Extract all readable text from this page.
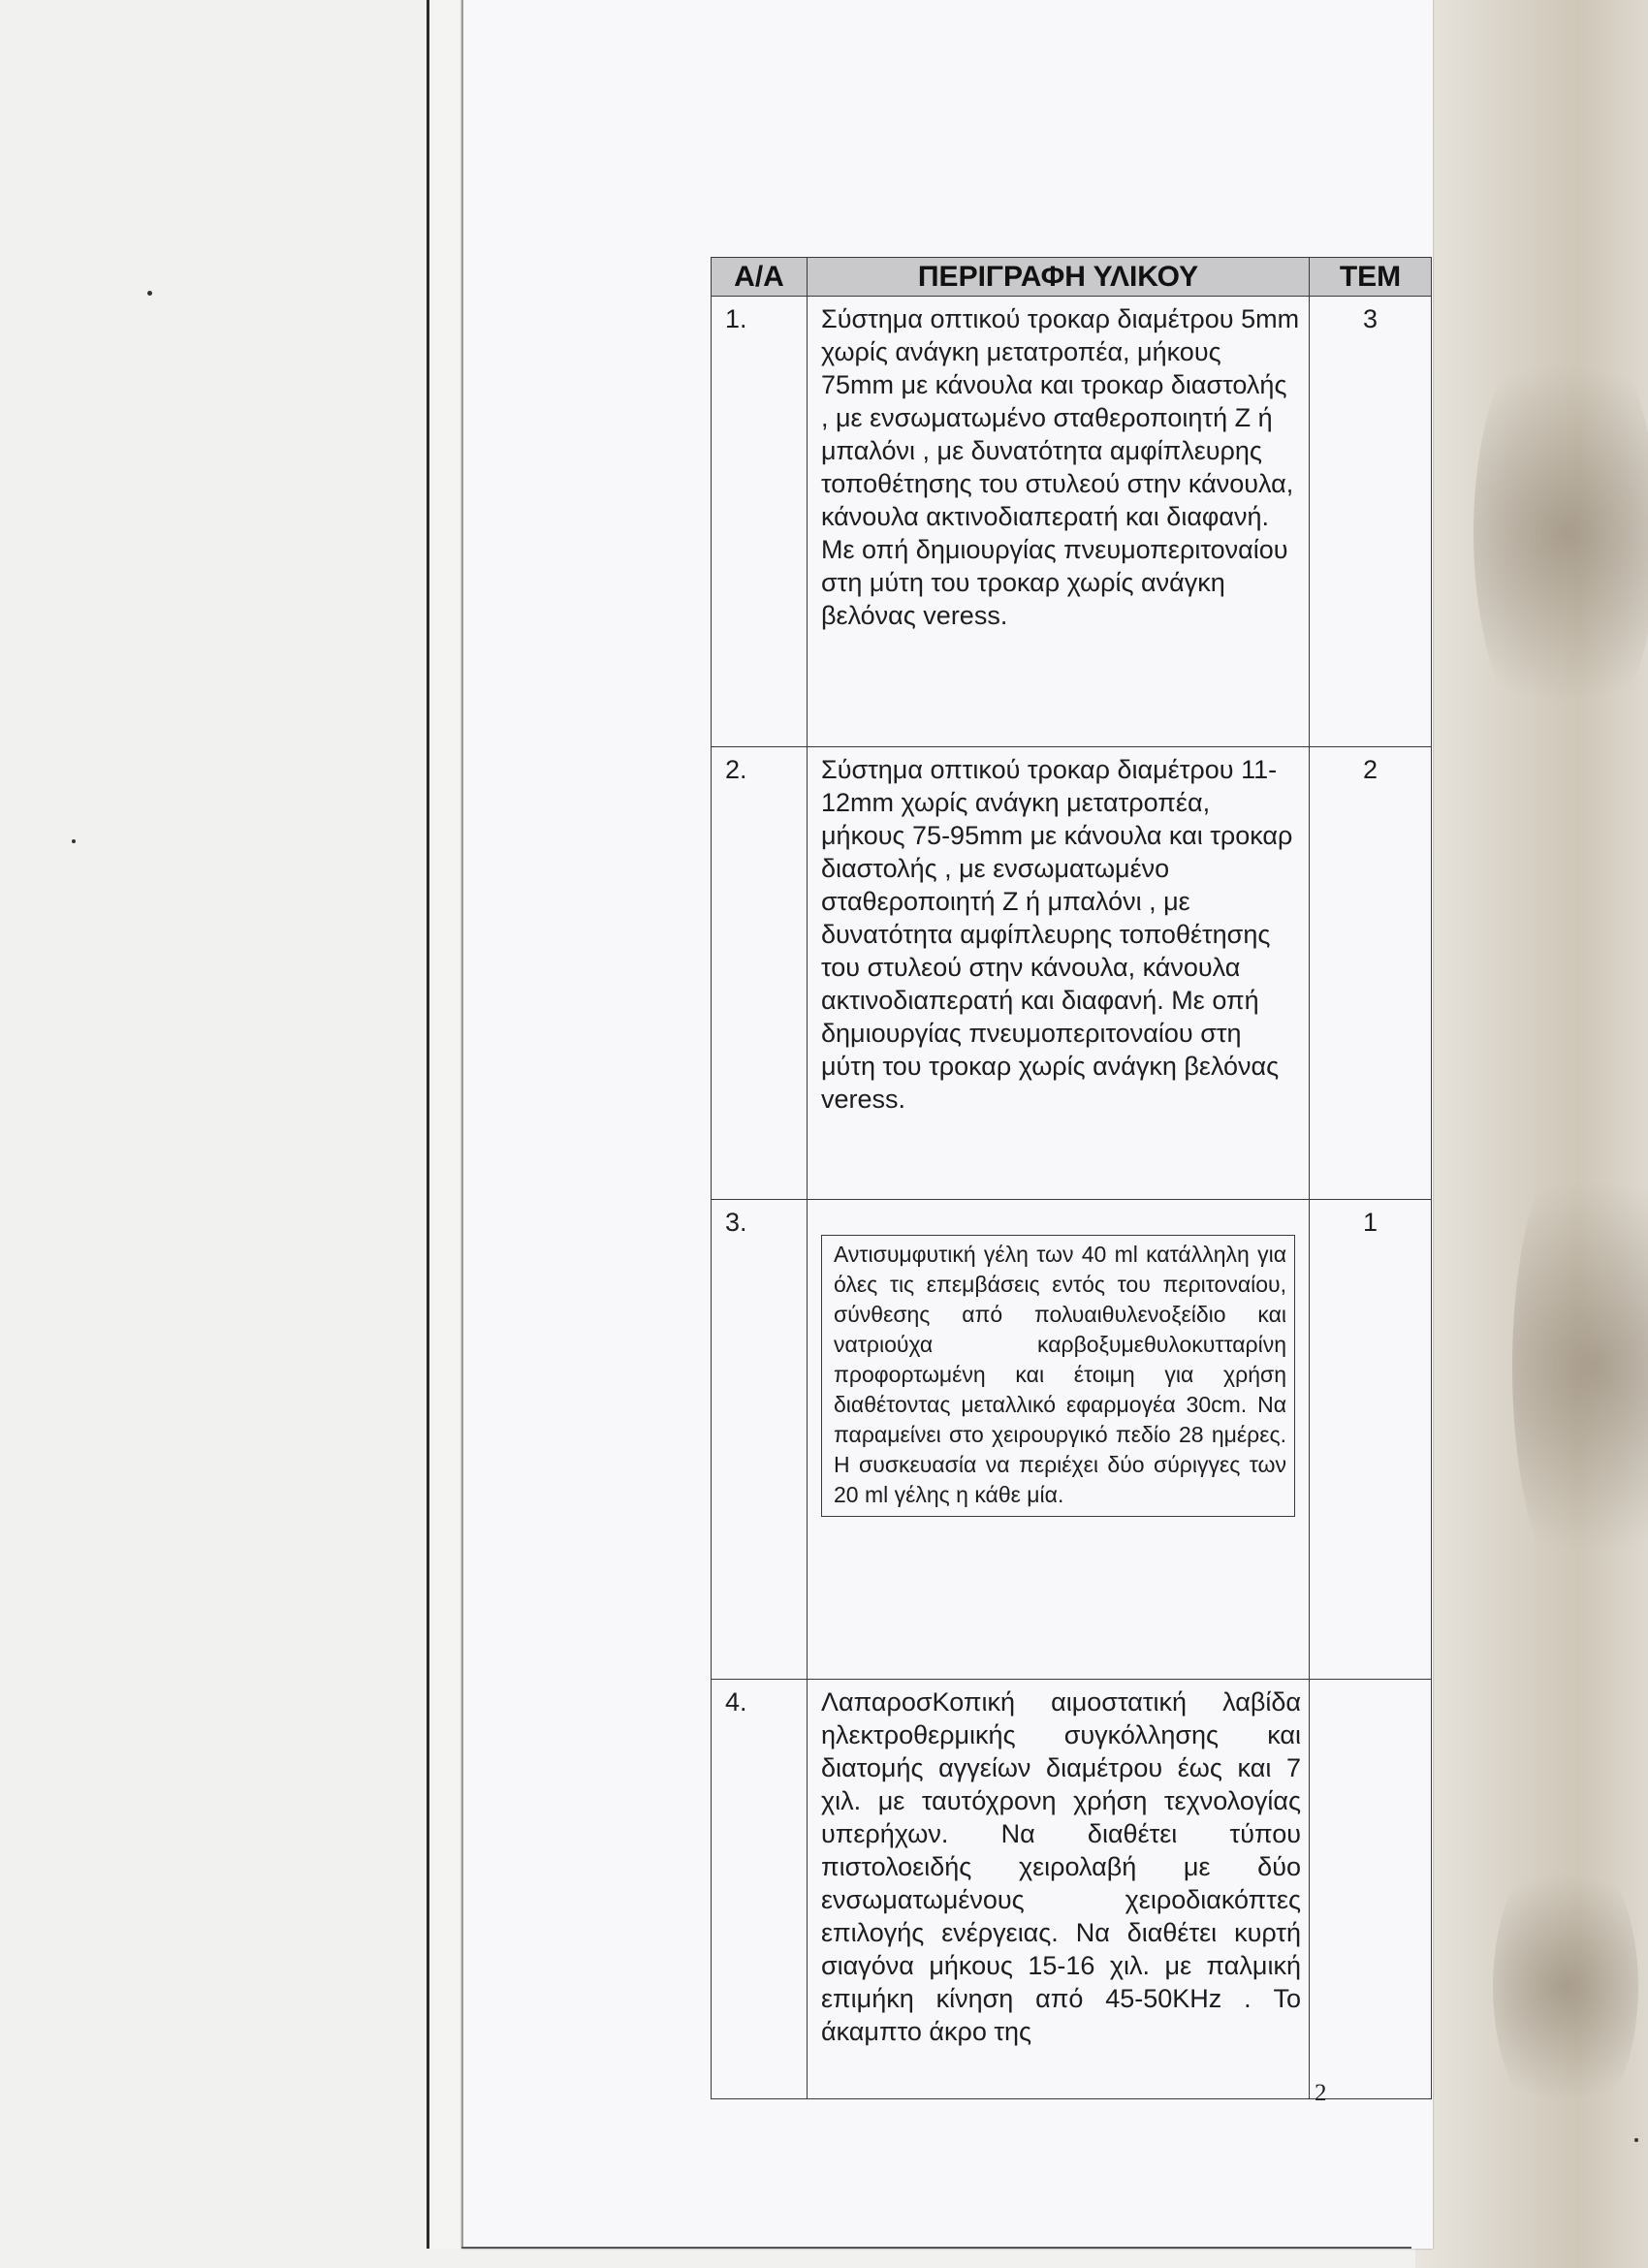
Α/Α	ΠΕΡΙΓΡΑΦΗ ΥΛΙΚΟΥ	ΤΕΜ
1.	Σύστημα οπτικού τροκαρ διαμέτρου 5mm χωρίς ανάγκη μετατροπέα, μήκους 75mm με κάνουλα και τροκαρ διαστολής , με ενσωματωμένο σταθεροποιητή Ζ ή μπαλόνι , με δυνατότητα αμφίπλευρης τοποθέτησης του στυλεού στην κάνουλα, κάνουλα ακτινοδιαπερατή και διαφανή. Με οπή δημιουργίας πνευμοπεριτοναίου στη μύτη του τροκαρ χωρίς ανάγκη βελόνας veress.	3
2.	Σύστημα οπτικού τροκαρ διαμέτρου 11-12mm χωρίς ανάγκη μετατροπέα, μήκους 75-95mm με κάνουλα και τροκαρ διαστολής , με ενσωματωμένο σταθεροποιητή Ζ ή μπαλόνι , με δυνατότητα αμφίπλευρης τοποθέτησης του στυλεού στην κάνουλα, κάνουλα ακτινοδιαπερατή και διαφανή. Με οπή δημιουργίας πνευμοπεριτοναίου στη μύτη του τροκαρ χωρίς ανάγκη βελόνας veress.	2
3.	Αντισυμφυτική γέλη των 40 ml κατάλληλη για όλες τις επεμβάσεις εντός του περιτοναίου, σύνθεσης από πολυαιθυλενοξείδιο και νατριούχα καρβοξυμεθυλοκυτταρίνη προφορτωμένη και έτοιμη για χρήση διαθέτοντας μεταλλικό εφαρμογέα 30cm. Να παραμείνει στο χειρουργικό πεδίο 28 ημέρες. Η συσκευασία να περιέχει δύο σύριγγες των 20 ml γέλης η κάθε μία.	1
4.	ΛαπαροσΚοπική αιμοστατική λαβίδα ηλεκτροθερμικής συγκόλλησης και διατομής αγγείων διαμέτρου έως και 7 χιλ. με ταυτόχρονη χρήση τεχνολογίας υπερήχων. Να διαθέτει τύπου πιστολοειδής χειρολαβή με δύο ενσωματωμένους χειροδιακόπτες επιλογής ενέργειας. Να διαθέτει κυρτή σιαγόνα μήκους 15-16 χιλ. με παλμική επιμήκη κίνηση από 45-50KHz . Το άκαμπτο άκρο της	
2
